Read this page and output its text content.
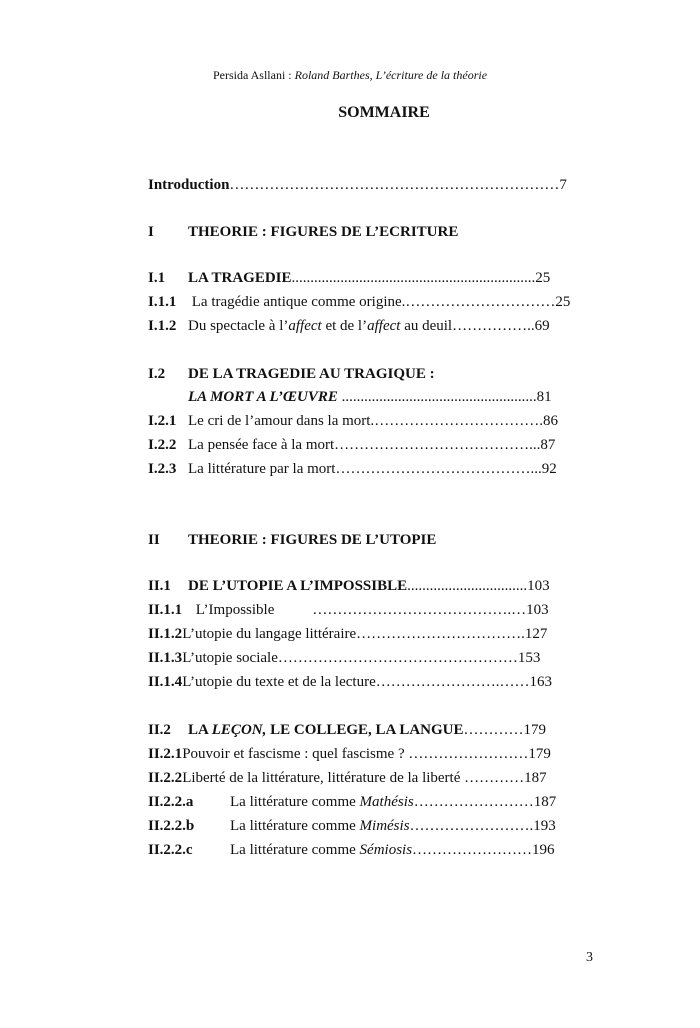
Persida Asllani : Roland Barthes, L’écriture de la théorie
SOMMAIRE
Introduction…………………………………………………………7
I THEORIE : FIGURES DE L’ECRITURE
I.1 LA TRAGEDIE.................................................................25
I.1.1 La tragédie antique comme origine.…………………………25
I.1.2 Du spectacle à l’affect et de l’affect au deuil……………..69
I.2 DE LA TRAGEDIE AU TRAGIQUE :
LA MORT A L’ŒUVRE ....................................................81
I.2.1 Le cri de l’amour dans la mort.…………………………….86
I.2.2 La pensée face à la mort…………………………………...87
I.2.3 La littérature par la mort…………………………………...92
II THEORIE : FIGURES DE L’UTOPIE
II.1 DE L’UTOPIE A L’IMPOSSIBLE................................103
II.1.1 L’Impossible	………………………………….…103
II.1.2L’utopie du langage littéraire…………………………….127
II.1.3L’utopie sociale…………………………………………153
II.1.4L’utopie du texte et de la lecture…………………….……163
II.2 LA LEÇON, LE COLLEGE, LA LANGUE…………179
II.2.1Pouvoir et fascisme : quel fascisme ? ……………………179
II.2.2Liberté de la littérature, littérature de la liberté …………187
II.2.2.a La littérature comme Mathésis……………………187
II.2.2.b La littérature comme Mimésis…………………….193
II.2.2.c La littérature comme Sémiosis……………………196
3
